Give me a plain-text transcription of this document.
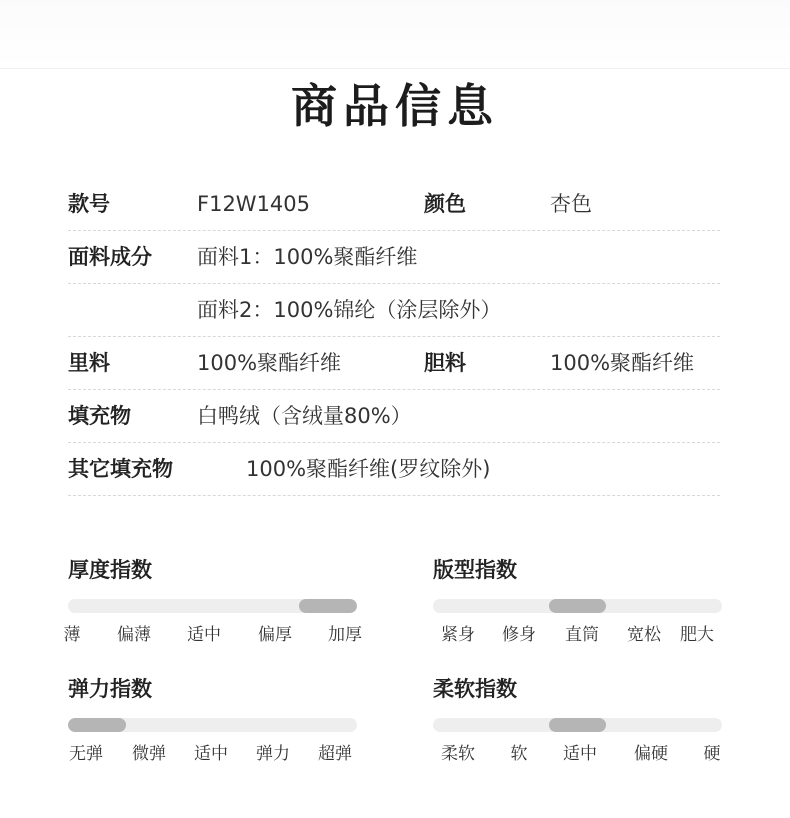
商品信息
款号	F12W1405	颜色	杏色
面料成分 面料1：100%聚酯纤维
面料2：100%锦纶（涂层除外）
里料	100%聚酯纤维	胆料	100%聚酯纤维
填充物	白鸭绒（含绒量80%）
其它填充物	100%聚酯纤维(罗纹除外)
厚度指数
薄 偏薄 适中 偏厚 加厚
版型指数
紧身 修身 直筒 宽松 肥大
弹力指数
无弹 微弹 适中 弹力 超弹
柔软指数
柔软 软 适中 偏硬 硬
